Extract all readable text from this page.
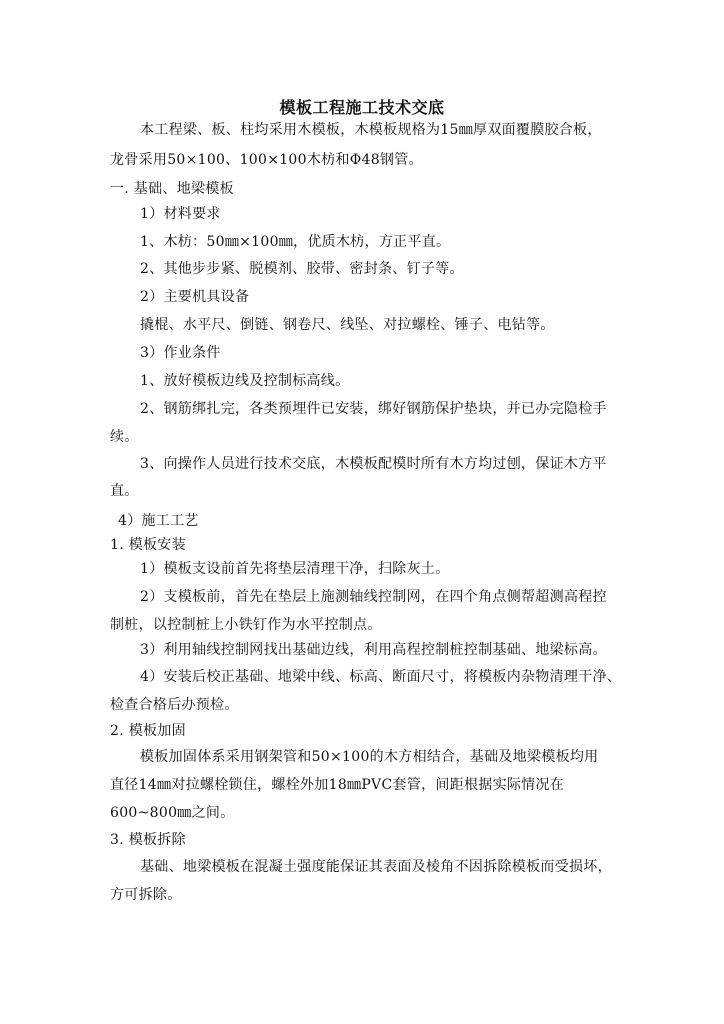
模板工程施工技术交底
本工程梁、板、柱均采用木模板，木模板规格为15㎜厚双面覆膜胶合板，
龙骨采用50×100、100×100木枋和Φ48钢管。
一. 基础、地梁模板
1）材料要求
1、木枋：50㎜×100㎜，优质木枋，方正平直。
2、其他步步紧、脱模剂、胶带、密封条、钉子等。
2）主要机具设备
撬棍、水平尺、倒链、钢卷尺、线坠、对拉螺栓、锤子、电钻等。
3）作业条件
1、放好模板边线及控制标高线。
2、钢筋绑扎完，各类预埋件已安装，绑好钢筋保护垫块，并已办完隐检手
续。
3、向操作人员进行技术交底，木模板配模时所有木方均过刨，保证木方平
直。
4）施工工艺
1. 模板安装
1）模板支设前首先将垫层清理干净，扫除灰土。
2）支模板前，首先在垫层上施测轴线控制网，在四个角点侧帮超测高程控
制桩，以控制桩上小铁钉作为水平控制点。
3）利用轴线控制网找出基础边线，利用高程控制桩控制基础、地梁标高。
4）安装后校正基础、地梁中线、标高、断面尺寸，将模板内杂物清理干净、
检查合格后办预检。
2. 模板加固
模板加固体系采用钢架管和50×100的木方相结合，基础及地梁模板均用
直径14㎜对拉螺栓锁住，螺栓外加18㎜PVC套管，间距根据实际情况在
600~800㎜之间。
3. 模板拆除
基础、地梁模板在混凝土强度能保证其表面及棱角不因拆除模板而受损坏，
方可拆除。
